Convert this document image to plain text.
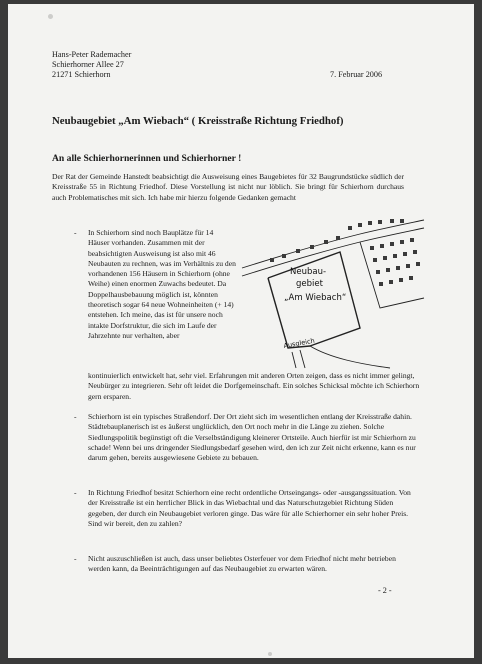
Hans-Peter Rademacher
Schierhorner Allee 27
21271 Schierhorn	7. Februar 2006
Neubaugebiet „Am Wiebach“ ( Kreisstraße Richtung Friedhof)
An alle Schierhornerinnen und Schierhorner !
Der Rat der Gemeinde Hanstedt beabsichtigt die Ausweisung eines Baugebietes für 32 Baugrundstücke südlich der Kreisstraße 55 in Richtung Friedhof. Diese Vorstellung ist nicht nur löblich. Sie bringt für Schierhorn durchaus auch Problematisches mit sich. Ich habe mir hierzu folgende Gedanken gemacht
Neubau-
gebiet
„Am Wiebach“
Ausgleich
- In Schierhorn sind noch Bauplätze für 14 Häuser vorhanden. Zusammen mit der beabsichtigten Ausweisung ist also mit 46 Neubauten zu rechnen, was im Verhältnis zu den vorhandenen 156 Häusern in Schierhorn (ohne Weihe) einen enormen Zuwachs bedeutet. Da Doppelhausbebauung möglich ist, könnten theoretisch sogar 64 neue Wohneinheiten (+ 14) entstehen. Ich meine, das ist für unsere noch intakte Dorfstruktur, die sich im Laufe der Jahrzehnte nur verhalten, aber
kontinuierlich entwickelt hat, sehr viel. Erfahrungen mit anderen Orten zeigen, dass es nicht immer gelingt, Neubürger zu integrieren. Sehr oft leidet die Dorfgemeinschaft. Ein solches Schicksal möchte ich Schierhorn gern ersparen.
- Schierhorn ist ein typisches Straßendorf. Der Ort zieht sich im wesentlichen entlang der Kreisstraße dahin. Städtebauplanerisch ist es äußerst unglücklich, den Ort noch mehr in die Länge zu ziehen. Solche Siedlungspolitik begünstigt oft die Verselbständigung kleinerer Ortsteile. Auch hierfür ist mir Schierhorn zu schade! Wenn bei uns dringender Siedlungsbedarf gesehen wird, den ich zur Zeit nicht erkenne, kann es nur darum gehen, bereits ausgewiesene Gebiete zu bebauen.
- In Richtung Friedhof besitzt Schierhorn eine recht ordentliche Ortseingangs- oder -ausgangssituation. Von der Kreisstraße ist ein herrlicher Blick in das Wiebachtal und das Naturschutzgebiet Richtung Süden gegeben, der durch ein Neubaugebiet verloren ginge. Das wäre für alle Schierhorner ein sehr hoher Preis. Sind wir bereit, den zu zahlen?
- Nicht auszuschließen ist auch, dass unser beliebtes Osterfeuer vor dem Friedhof nicht mehr betrieben werden kann, da Beeinträchtigungen auf das Neubaugebiet zu erwarten wären.
- 2 -
